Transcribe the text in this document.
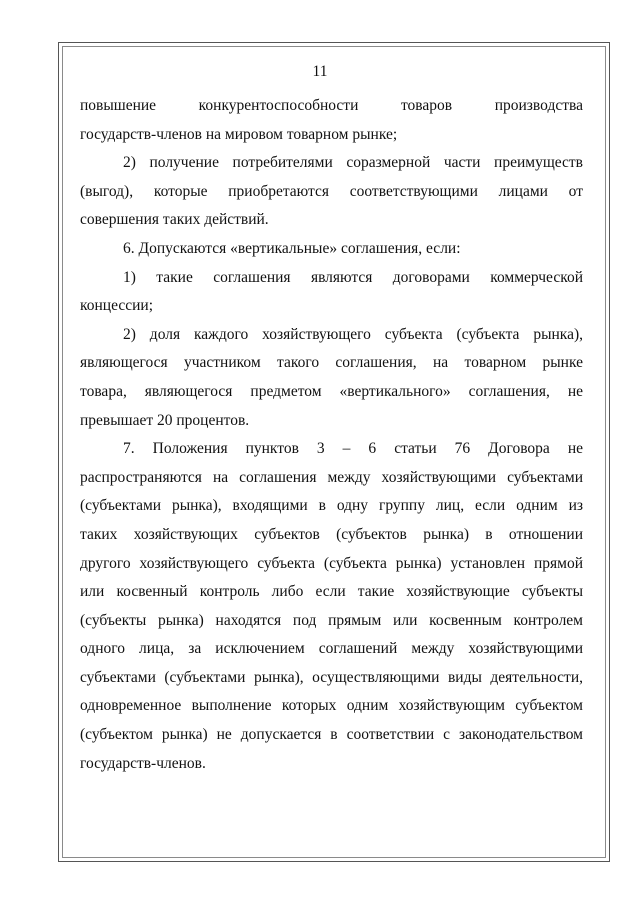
11
повышение конкурентоспособности товаров производства
государств-членов на мировом товарном рынке;
2) получение потребителями соразмерной части преимуществ
(выгод), которые приобретаются соответствующими лицами от
совершения таких действий.
6. Допускаются «вертикальные» соглашения, если:
1) такие соглашения являются договорами коммерческой
концессии;
2) доля каждого хозяйствующего субъекта (субъекта рынка),
являющегося участником такого соглашения, на товарном рынке
товара, являющегося предметом «вертикального» соглашения, не
превышает 20 процентов.
7. Положения пунктов 3 – 6 статьи 76 Договора не
распространяются на соглашения между хозяйствующими субъектами
(субъектами рынка), входящими в одну группу лиц, если одним из
таких хозяйствующих субъектов (субъектов рынка) в отношении
другого хозяйствующего субъекта (субъекта рынка) установлен прямой
или косвенный контроль либо если такие хозяйствующие субъекты
(субъекты рынка) находятся под прямым или косвенным контролем
одного лица, за исключением соглашений между хозяйствующими
субъектами (субъектами рынка), осуществляющими виды деятельности,
одновременное выполнение которых одним хозяйствующим субъектом
(субъектом рынка) не допускается в соответствии с законодательством
государств-членов.
